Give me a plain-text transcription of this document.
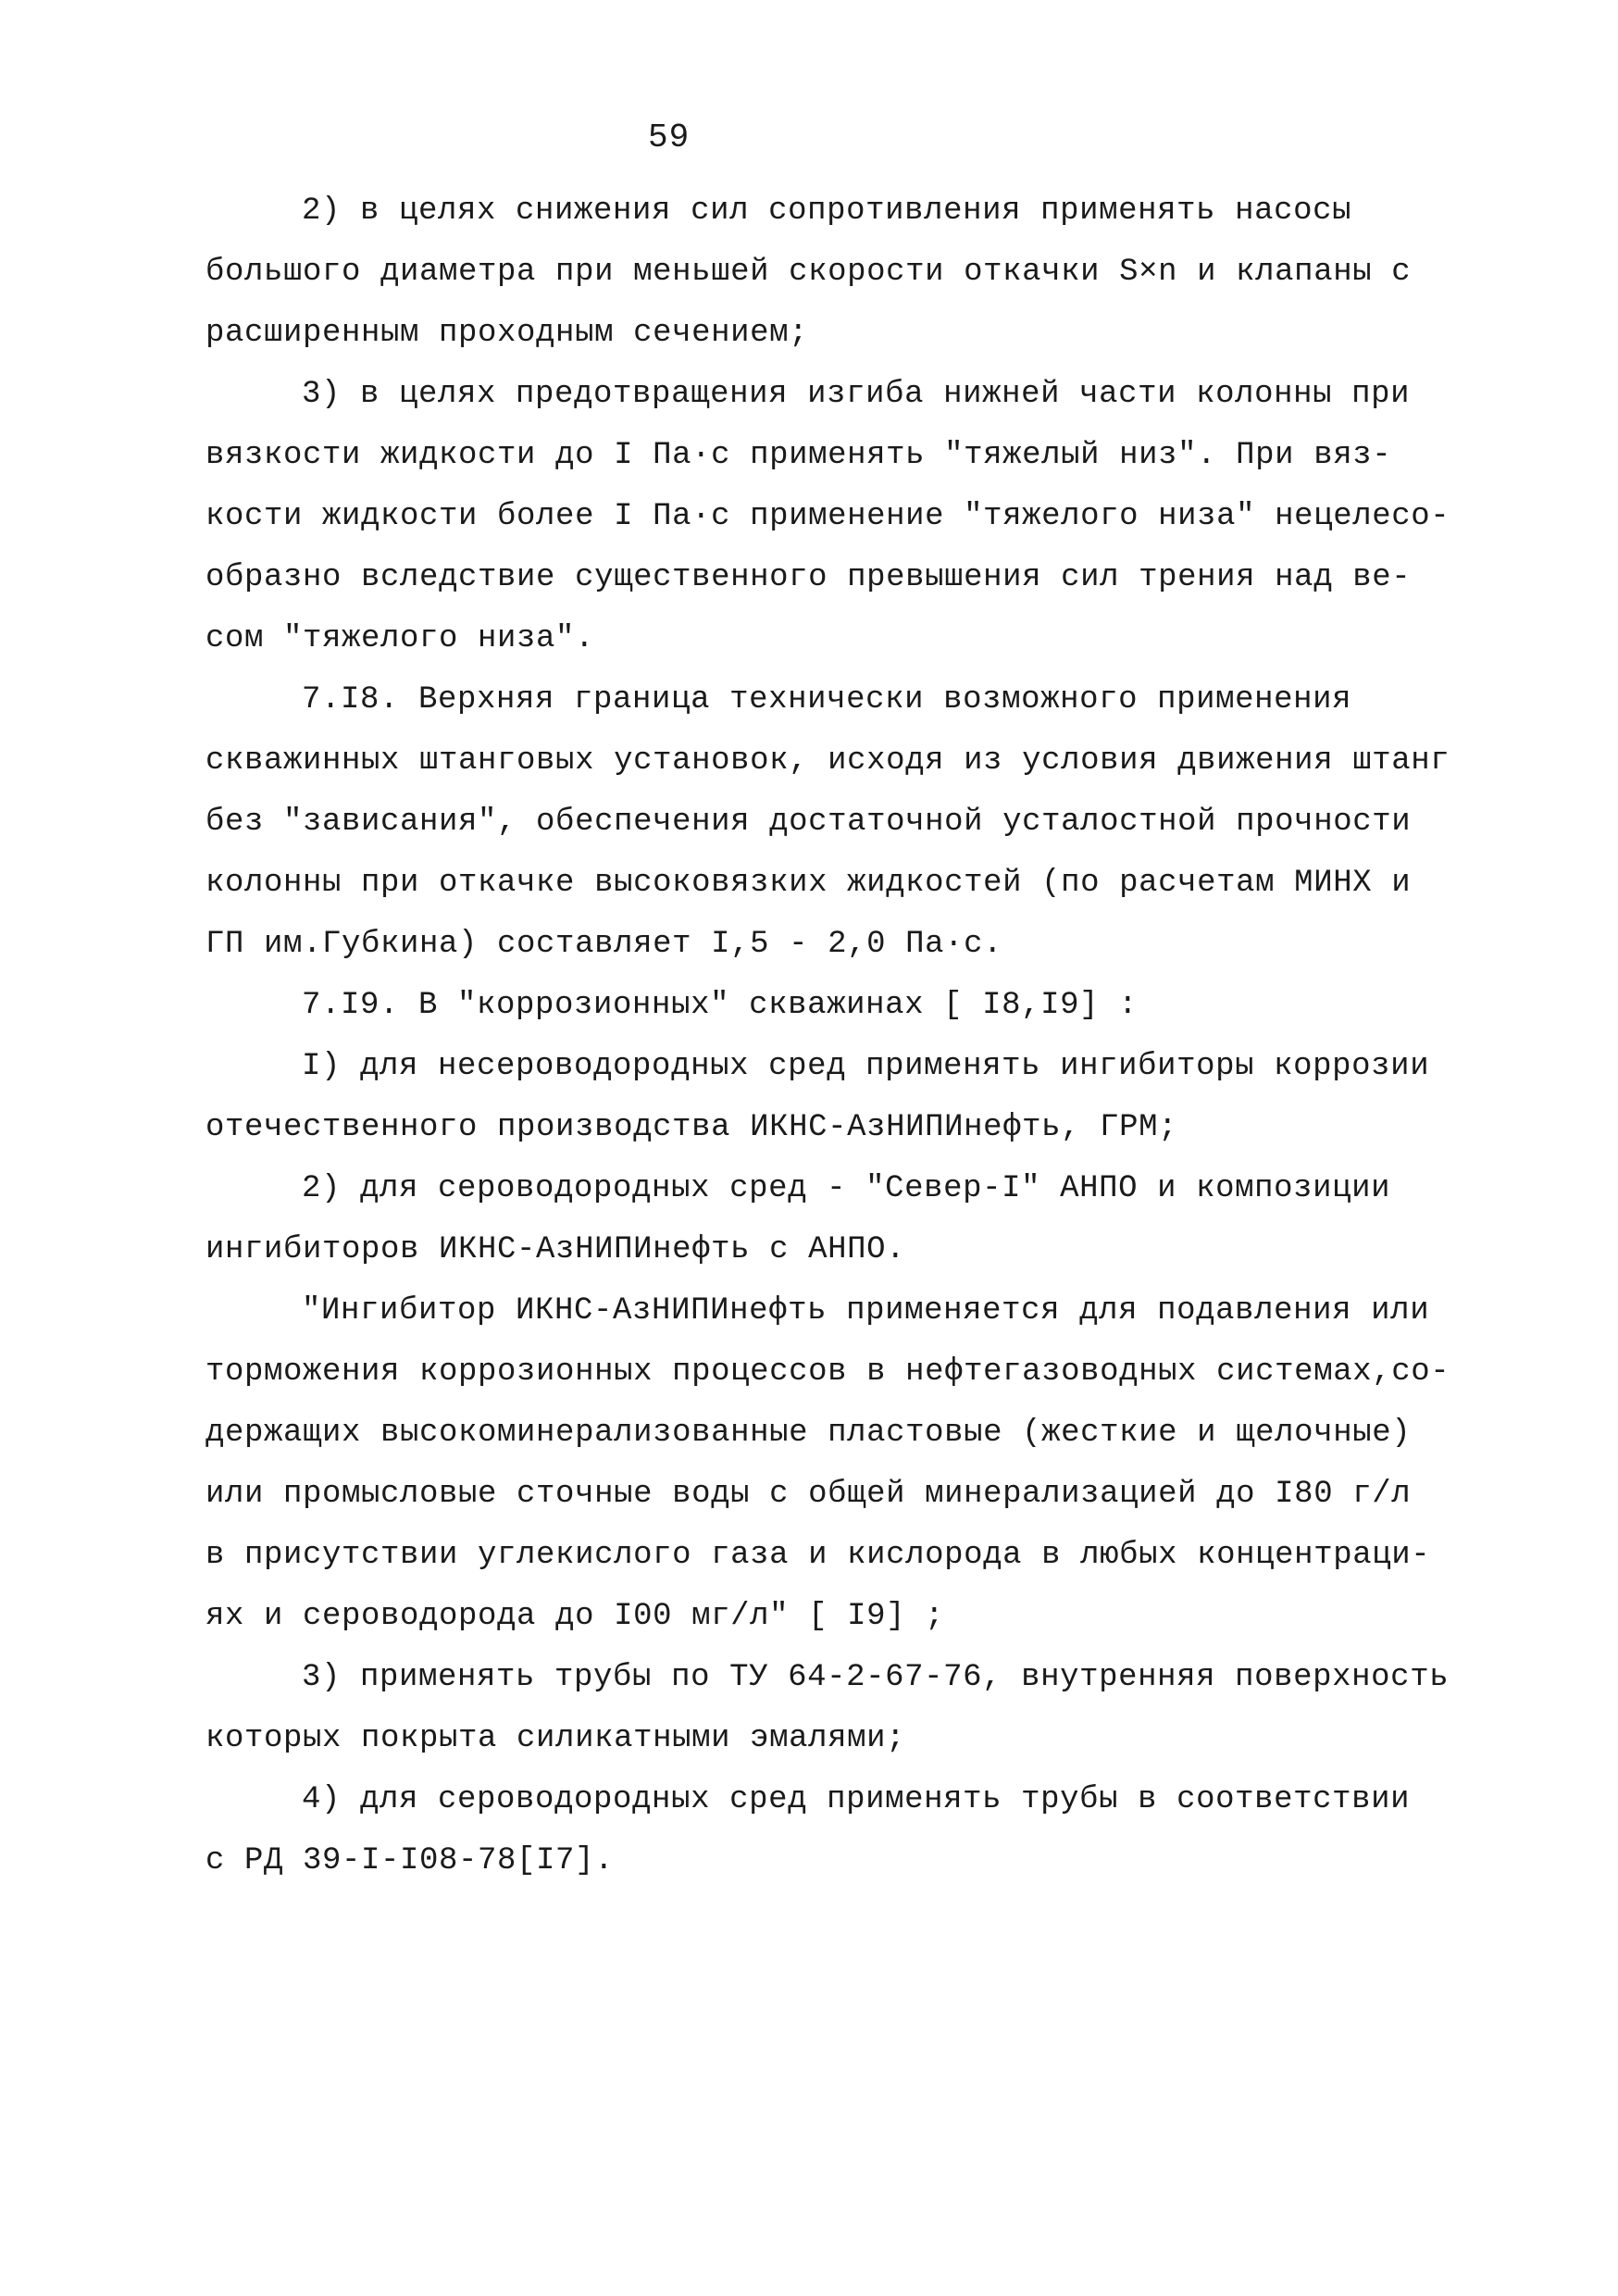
59
2) в целях снижения сил сопротивления применять насосы
большого диаметра при меньшей скорости откачки S×n и клапаны с
расширенным проходным сечением;
3) в целях предотвращения изгиба нижней части колонны при
вязкости жидкости до I Па·с применять "тяжелый низ". При вяз-
кости жидкости более I Па·с применение "тяжелого низа" нецелесо-
образно вследствие существенного превышения сил трения над ве-
сом "тяжелого низа".
7.I8. Верхняя граница технически возможного применения
скважинных штанговых установок, исходя из условия движения штанг
без "зависания", обеспечения достаточной усталостной прочности
колонны при откачке высоковязких жидкостей (по расчетам МИНХ и
ГП им.Губкина) составляет I,5 - 2,0 Па·с.
7.I9. В "коррозионных" скважинах [ I8,I9] :
I) для несероводородных сред применять ингибиторы коррозии
отечественного производства ИКНС-АзНИПИнефть, ГРМ;
2) для сероводородных сред - "Север-I" АНПО и композиции
ингибиторов ИКНС-АзНИПИнефть с АНПО.
"Ингибитор ИКНС-АзНИПИнефть применяется для подавления или
торможения коррозионных процессов в нефтегазоводных системах,со-
держащих высокоминерализованные пластовые (жесткие и щелочные)
или промысловые сточные воды с общей минерализацией до I80 г/л
в присутствии углекислого газа и кислорода в любых концентраци-
ях и сероводорода до I00 мг/л" [ I9] ;
3) применять трубы по ТУ 64-2-67-76, внутренняя поверхность
которых покрыта силикатными эмалями;
4) для сероводородных сред применять трубы в соответствии
с РД 39-I-I08-78[I7].
